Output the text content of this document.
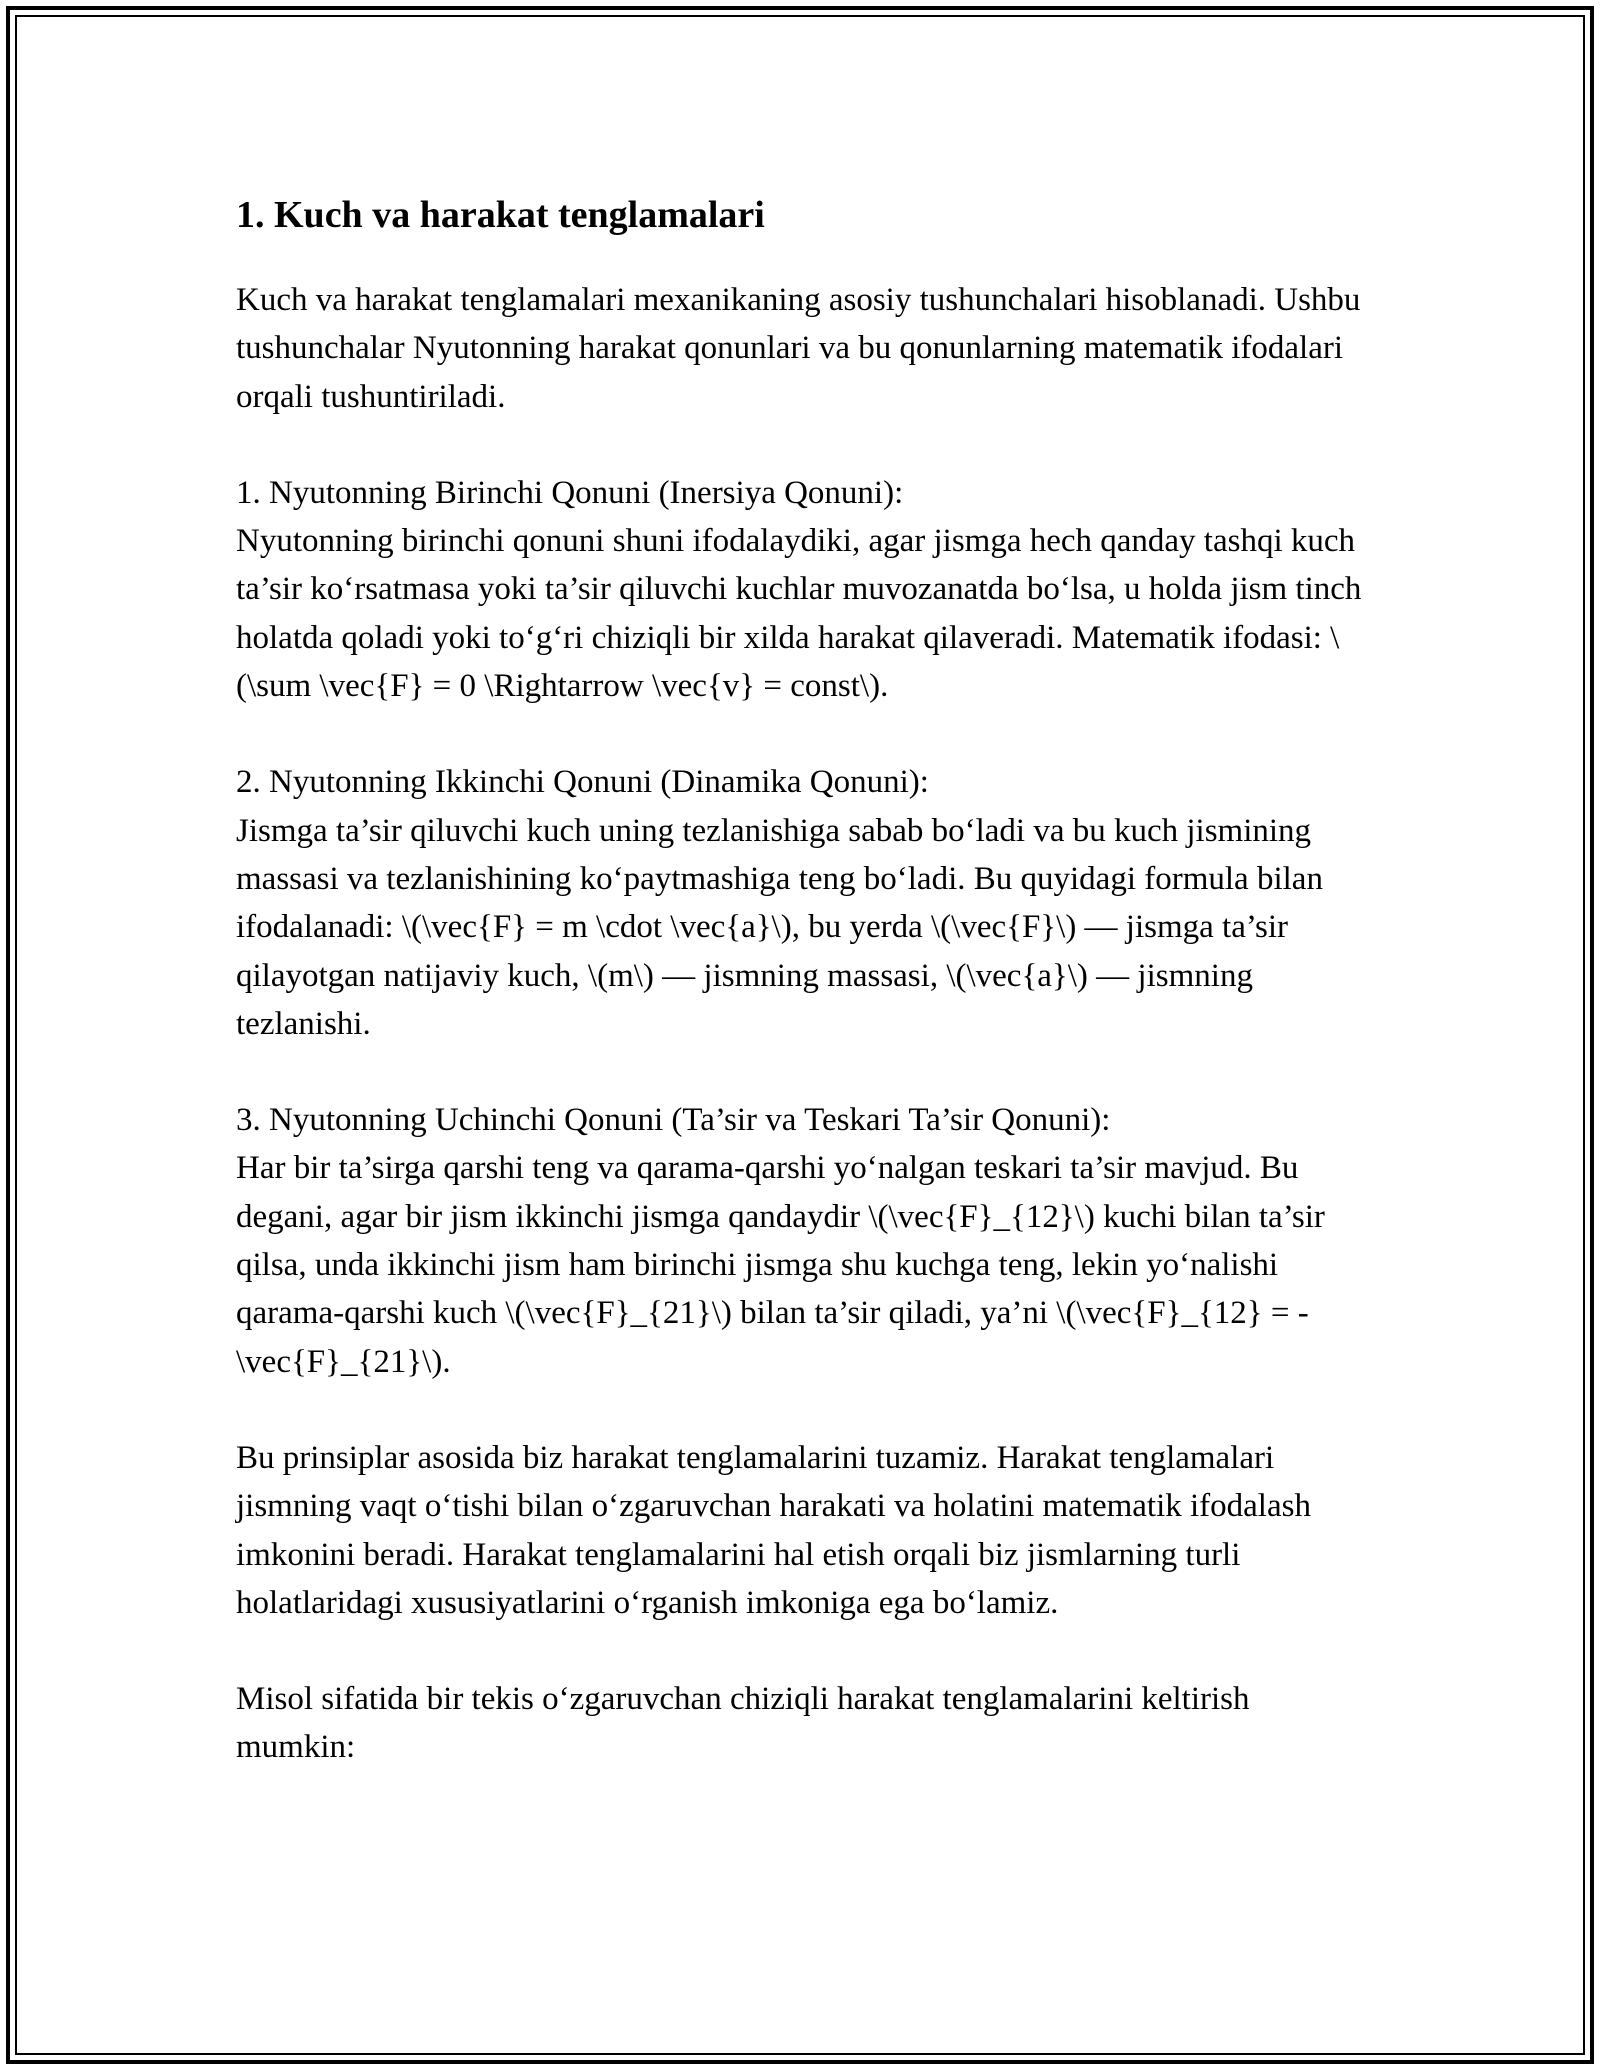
1. Kuch va harakat tenglamalari

Kuch va harakat tenglamalari mexanikaning asosiy tushunchalari hisoblanadi. Ushbu tushunchalar Nyutonning harakat qonunlari va bu qonunlarning matematik ifodalari orqali tushuntiriladi.

1. Nyutonning Birinchi Qonuni (Inersiya Qonuni):
Nyutonning birinchi qonuni shuni ifodalaydiki, agar jismga hech qanday tashqi kuch ta’sir ko‘rsatmasa yoki ta’sir qiluvchi kuchlar muvozanatda bo‘lsa, u holda jism tinch holatda qoladi yoki to‘g‘ri chiziqli bir xilda harakat qilaveradi. Matematik ifodasi: \(\sum \vec{F} = 0 \Rightarrow \vec{v} = const\).

2. Nyutonning Ikkinchi Qonuni (Dinamika Qonuni):
Jismga ta’sir qiluvchi kuch uning tezlanishiga sabab bo‘ladi va bu kuch jismining massasi va tezlanishining ko‘paytmashiga teng bo‘ladi. Bu quyidagi formula bilan ifodalanadi: \(\vec{F} = m \cdot \vec{a}\), bu yerda \(\vec{F}\) — jismga ta’sir qilayotgan natijaviy kuch, \(m\) — jismning massasi, \(\vec{a}\) — jismning tezlanishi.

3. Nyutonning Uchinchi Qonuni (Ta’sir va Teskari Ta’sir Qonuni):
Har bir ta’sirga qarshi teng va qarama-qarshi yo‘nalgan teskari ta’sir mavjud. Bu degani, agar bir jism ikkinchi jismga qandaydir \(\vec{F}_{12}\) kuchi bilan ta’sir qilsa, unda ikkinchi jism ham birinchi jismga shu kuchga teng, lekin yo‘nalishi qarama-qarshi kuch \(\vec{F}_{21}\) bilan ta’sir qiladi, ya’ni \(\vec{F}_{12} = -\vec{F}_{21}\).

Bu prinsiplar asosida biz harakat tenglamalarini tuzamiz. Harakat tenglamalari jismning vaqt o‘tishi bilan o‘zgaruvchan harakati va holatini matematik ifodalash imkonini beradi. Harakat tenglamalarini hal etish orqali biz jismlarning turli holatlaridagi xususiyatlarini o‘rganish imkoniga ega bo‘lamiz.

Misol sifatida bir tekis o‘zgaruvchan chiziqli harakat tenglamalarini keltirish mumkin:
